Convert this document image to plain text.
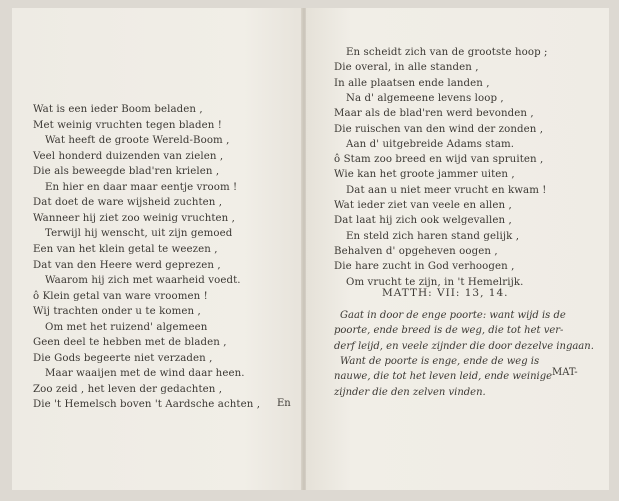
Wat is een ieder Boom beladen ,
Met weinig vruchten tegen bladen !
Wat heeft de groote Wereld-Boom ,
Veel honderd duizenden van zielen ,
Die als beweegde blad'ren krielen ,
En hier en daar maar eentje vroom !
Dat doet de ware wijsheid zuchten ,
Wanneer hij ziet zoo weinig vruchten ,
Terwijl hij wenscht, uit zijn gemoed
Een van het klein getal te weezen ,
Dat van den Heere werd geprezen ,
Waarom hij zich met waarheid voedt.
ô Klein getal van ware vroomen !
Wij trachten onder u te komen ,
Om met het ruizend' algemeen
Geen deel te hebben met de bladen ,
Die Gods begeerte niet verzaden ,
Maar waaijen met de wind daar heen.
Zoo zeid , het leven der gedachten ,
Die 't Hemelsch boven 't Aardsche achten , En
En scheidt zich van de grootste hoop ;
Die overal, in alle standen ,
In alle plaatsen ende landen ,
Na d' algemeene levens loop ,
Maar als de blad'ren werd bevonden ,
Die ruischen van den wind der zonden ,
Aan d' uitgebreide Adams stam.
ô Stam zoo breed en wijd van spruiten ,
Wie kan het groote jammer uiten ,
Dat aan u niet meer vrucht en kwam !
Wat ieder ziet van veele en allen ,
Dat laat hij zich ook welgevallen ,
En steld zich haren stand gelijk ,
Behalven d' opgeheven oogen ,
Die hare zucht in God verhoogen ,
Om vrucht te zijn, in 't Hemelrijk.
MATTH: VII: 13, 14.
Gaat in door de enge poorte: want wijd is de
poorte, ende breed is de weg, die tot het ver-
derf leijd, en veele zijnder die door dezelve ingaan.
Want de poorte is enge, ende de weg is
nauwe, die tot het leven leid, ende weinige
zijnder die den zelven vinden.
MAT-
